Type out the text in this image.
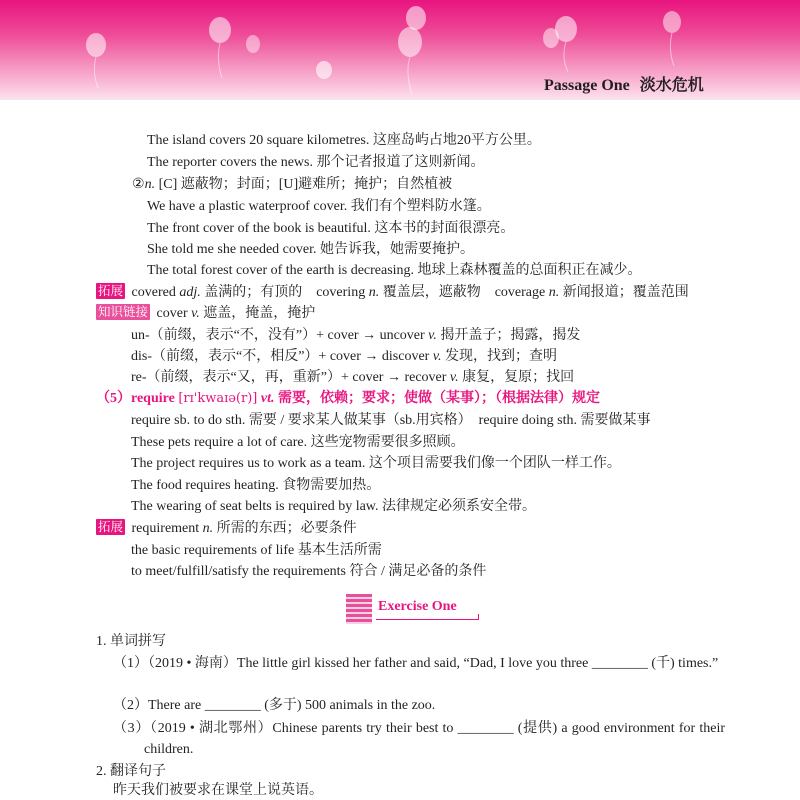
Passage One 淡水危机
The island covers 20 square kilometres. 这座岛屿占地20平方公里。
The reporter covers the news. 那个记者报道了这则新闻。
②n. [C] 遮蔽物；封面；[U]避难所；掩护；自然植被
We have a plastic waterproof cover. 我们有个塑料防水篷。
The front cover of the book is beautiful. 这本书的封面很漂亮。
She told me she needed cover. 她告诉我，她需要掩护。
The total forest cover of the earth is decreasing. 地球上森林覆盖的总面积正在减少。
拓展 covered adj. 盖满的；有顶的　covering n. 覆盖层，遮蔽物　coverage n. 新闻报道；覆盖范围
知识链接 cover v. 遮盖，掩盖，掩护
un-（前缀，表示“不，没有”）+ cover → uncover v. 揭开盖子；揭露，揭发
dis-（前缀，表示“不，相反”）+ cover → discover v. 发现，找到；查明
re-（前缀，表示“又，再，重新”）+ cover → recover v. 康复，复原；找回
（5）require [rɪ'kwaɪə(r)] vt. 需要，依赖；要求；使做（某事）；（根据法律）规定
require sb. to do sth. 需要 / 要求某人做某事（sb.用宾格）　require doing sth. 需要做某事
These pets require a lot of care. 这些宠物需要很多照顾。
The project requires us to work as a team. 这个项目需要我们像一个团队一样工作。
The food requires heating. 食物需要加热。
The wearing of seat belts is required by law. 法律规定必须系安全带。
拓展 requirement n. 所需的东西；必要条件
the basic requirements of life 基本生活所需
to meet/fulfill/satisfy the requirements 符合 / 满足必备的条件
Exercise One
1. 单词拼写
（1）（2019 • 海南）The little girl kissed her father and said, “Dad, I love you three ________ (千) times.”
（2）There are ________ (多于) 500 animals in the zoo.
（3）（2019 • 湖北鄂州）Chinese parents try their best to ________ (提供) a good environment for their children.
2. 翻译句子
昨天我们被要求在课堂上说英语。
